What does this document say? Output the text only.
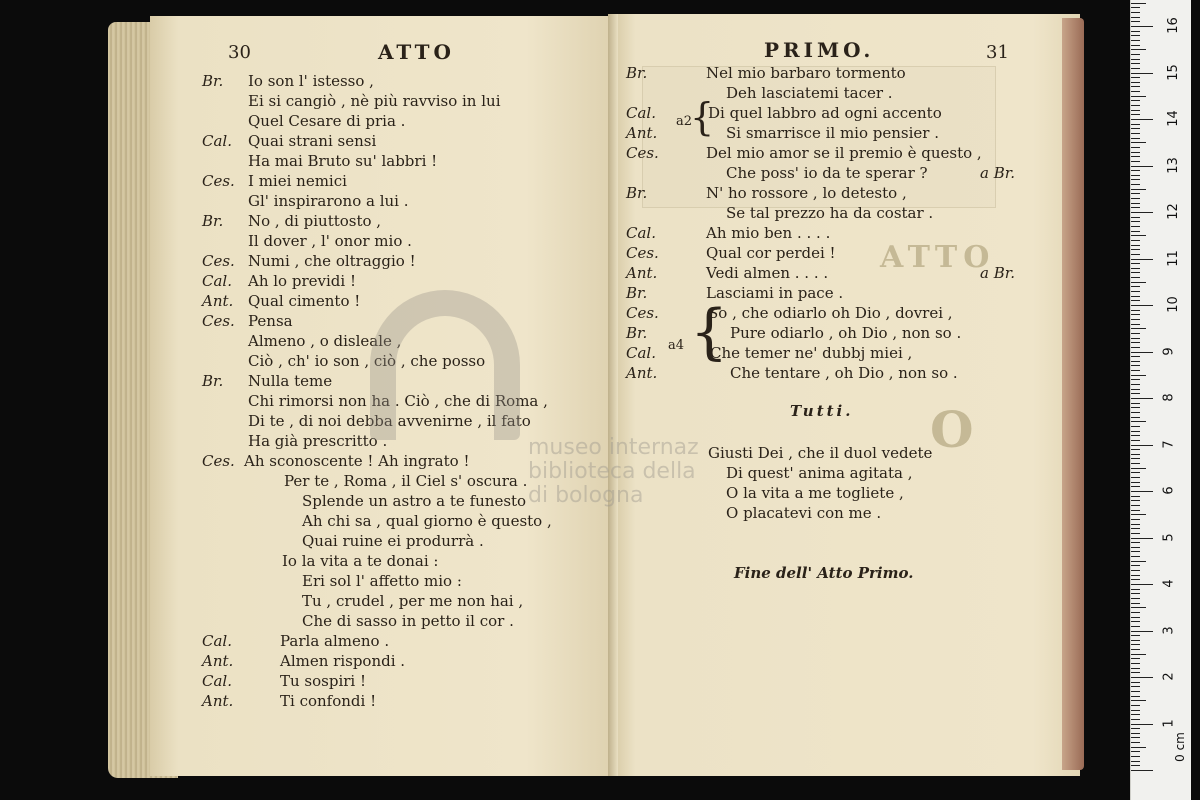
ATTO
O
ATTO
30
Br. Io son l' istesso ,
Ei si cangiò , nè più ravviso in lui
Quel Cesare di pria .
Cal. Quai strani sensi
Ha mai Bruto su' labbri !
Ces. I miei nemici
Gl' inspirarono a lui .
Br. No , di piuttosto ,
Il dover , l' onor mio .
Ces. Numi , che oltraggio !
Cal. Ah lo previdi !
Ant. Qual cimento !
Ces. Pensa
Almeno , o disleale ,
Ciò , ch' io son , ciò , che posso
Br. Nulla teme
Chi rimorsi non ha . Ciò , che di Roma ,
Di te , di noi debba avvenirne , il fato
Ha già prescritto .
Ces. Ah sconoscente ! Ah ingrato !
Per te , Roma , il Ciel s' oscura .
Splende un astro a te funesto
Ah chi sa , qual giorno è questo ,
Quai ruine ei produrrà .
Io la vita a te donai :
Eri sol l' affetto mio :
Tu , crudel , per me non hai ,
Che di sasso in petto il cor .
Cal.	Parla almeno .
Ant.	Almen rispondi .
Cal.	Tu sospiri !
Ant.	Ti confondi !
PRIMO.	31
Br.	Nel mio barbaro tormento
Deh lasciatemi tacer .
Cal.	Di quel labbro ad ogni accento
Ant.	Si smarrisce il mio pensier .
Ces.	Del mio amor se il premio è questo ,
Che poss' io da te sperar ?
Br.	N' ho rossore , lo detesto ,
Se tal prezzo ha da costar .
Cal.	Ah mio ben . . . .
Ces.	Qual cor perdei !
Ant.	Vedi almen . . . .
Br.	Lasciami in pace .
Ces.	So , che odiarlo oh Dio , dovrei ,
Br.	Pure odiarlo , oh Dio , non so .
Cal.	Che temer ne' dubbj miei ,
Ant.	Che tentare , oh Dio , non so .
Giusti Dei , che il duol vedete
Di quest' anima agitata ,
O la vita a me togliete ,
O placatevi con me .
{
a2
{
a4
a Br.
a Br.
Tutti.
Fine dell' Atto Primo.
museo internaz
biblioteca della
di bologna
1
2
3
4
5
6
7
8
9
10
11
12
13
14
15
16
0 cm
